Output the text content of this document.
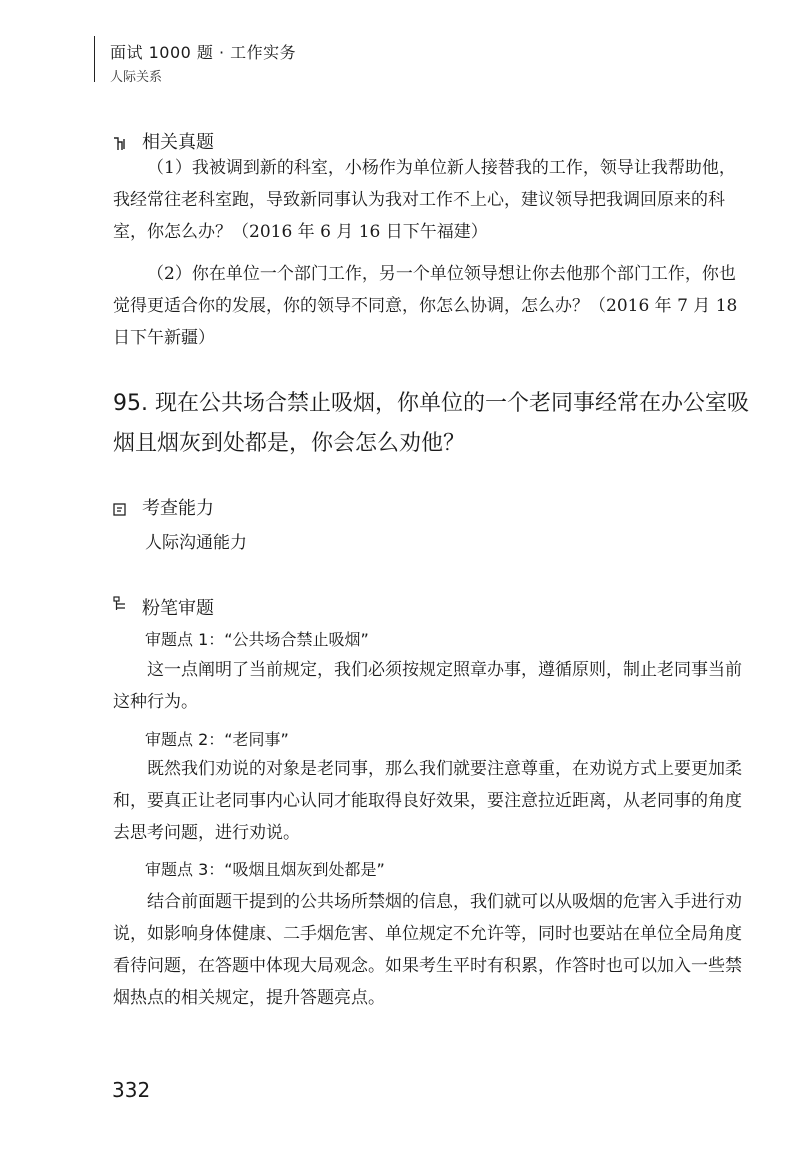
面试 1000 题 · 工作实务
人际关系
相关真题

（1）我被调到新的科室，小杨作为单位新人接替我的工作，领导让我帮助他，我经常往老科室跑，导致新同事认为我对工作不上心，建议领导把我调回原来的科室，你怎么办？（2016 年 6 月 16 日下午福建）

（2）你在单位一个部门工作，另一个单位领导想让你去他那个部门工作，你也觉得更适合你的发展，你的领导不同意，你怎么协调，怎么办？（2016 年 7 月 18 日下午新疆）

95. 现在公共场合禁止吸烟，你单位的一个老同事经常在办公室吸烟且烟灰到处都是，你会怎么劝他？

考查能力
人际沟通能力
粉笔审题
审题点 1：“公共场合禁止吸烟”

这一点阐明了当前规定，我们必须按规定照章办事，遵循原则，制止老同事当前这种行为。

审题点 2：“老同事”

既然我们劝说的对象是老同事，那么我们就要注意尊重，在劝说方式上要更加柔和，要真正让老同事内心认同才能取得良好效果，要注意拉近距离，从老同事的角度去思考问题，进行劝说。

审题点 3：“吸烟且烟灰到处都是”

结合前面题干提到的公共场所禁烟的信息，我们就可以从吸烟的危害入手进行劝说，如影响身体健康、二手烟危害、单位规定不允许等，同时也要站在单位全局角度看待问题，在答题中体现大局观念。如果考生平时有积累，作答时也可以加入一些禁烟热点的相关规定，提升答题亮点。

332
